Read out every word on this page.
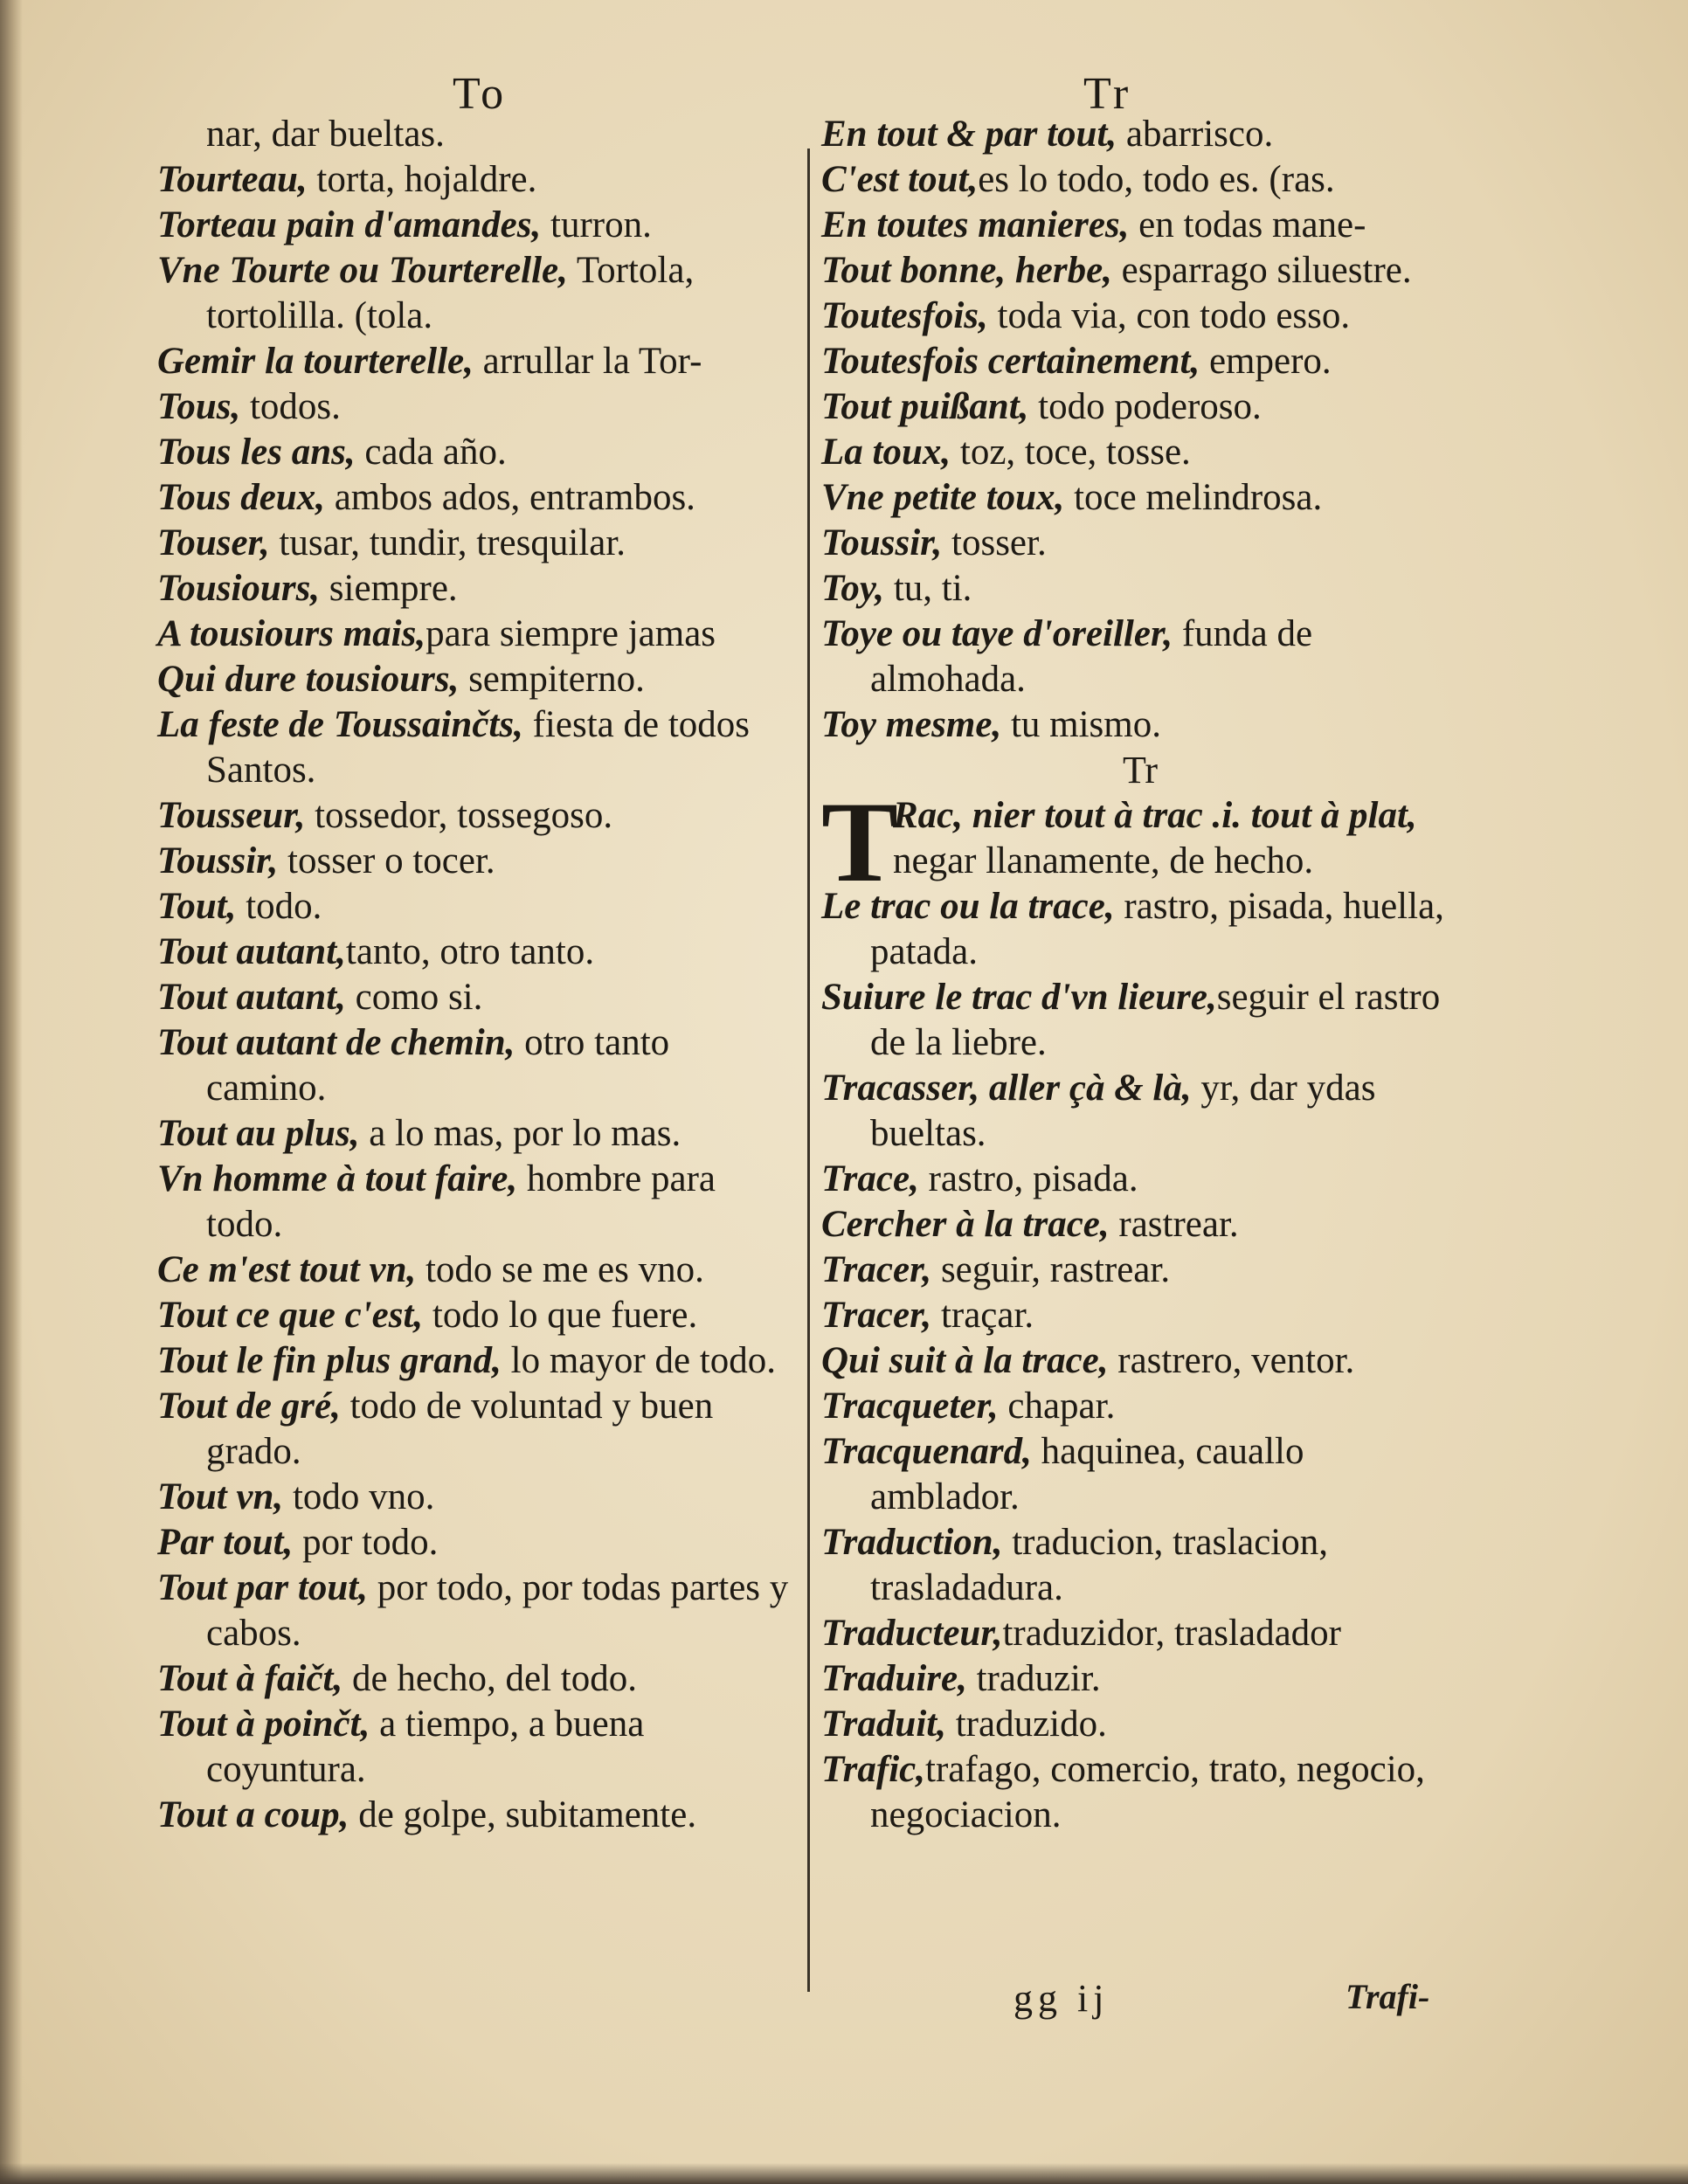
To	Tr

nar, dar bueltas.

Tourteau, torta, hojaldre.

Torteau pain d'amandes, turron.

Vne Tourte ou Tourterelle, Tortola, tortolilla. (tola.

Gemir la tourterelle, arrullar la Tor-

Tous, todos.

Tous les ans, cada año.

Tous deux, ambos ados, entrambos.

Touser, tusar, tundir, tresquilar.

Tousiours, siempre.

A tousiours mais,para siempre jamas

Qui dure tousiours, sempiterno.

La feste de Toussainčts, fiesta de todos Santos.

Tousseur, tossedor, tossegoso.

Toussir, tosser o tocer.

Tout, todo.

Tout autant,tanto, otro tanto.

Tout autant, como si.

Tout autant de chemin, otro tanto camino.

Tout au plus, a lo mas, por lo mas.

Vn homme à tout faire, hombre para todo.

Ce m'est tout vn, todo se me es vno.

Tout ce que c'est, todo lo que fuere.

Tout le fin plus grand, lo mayor de todo.

Tout de gré, todo de voluntad y buen grado.

Tout vn, todo vno.

Par tout, por todo.

Tout par tout, por todo, por todas partes y cabos.

Tout à faičt, de hecho, del todo.

Tout à poinčt, a tiempo, a buena coyuntura.

Tout a coup, de golpe, subitamente.

En tout & par tout, abarrisco.

C'est tout,es lo todo, todo es. (ras.

En toutes manieres, en todas mane-

Tout bonne, herbe, esparrago siluestre.

Toutesfois, toda via, con todo esso.

Toutesfois certainement, empero.

Tout puißant, todo poderoso.

La toux, toz, toce, tosse.

Vne petite toux, toce melindrosa.

Toussir, tosser.

Toy, tu, ti.

Toye ou taye d'oreiller, funda de almohada.

Toy mesme, tu mismo.

Tr

T
Rac, nier tout à trac .i. tout à plat, negar llanamente, de hecho.

Le trac ou la trace, rastro, pisada, huella, patada.

Suiure le trac d'vn lieure,seguir el rastro de la liebre.

Tracasser, aller çà & là, yr, dar ydas bueltas.

Trace, rastro, pisada.

Cercher à la trace, rastrear.

Tracer, seguir, rastrear.

Tracer, traçar.

Qui suit à la trace, rastrero, ventor.

Tracqueter, chapar.

Tracquenard, haquinea, cauallo amblador.

Traduction, traducion, traslacion, trasladadura.

Traducteur,traduzidor, trasladador

Traduire, traduzir.

Traduit, traduzido.

Trafic,trafago, comercio, trato, negocio, negociacion.

gg ij	Trafi-
